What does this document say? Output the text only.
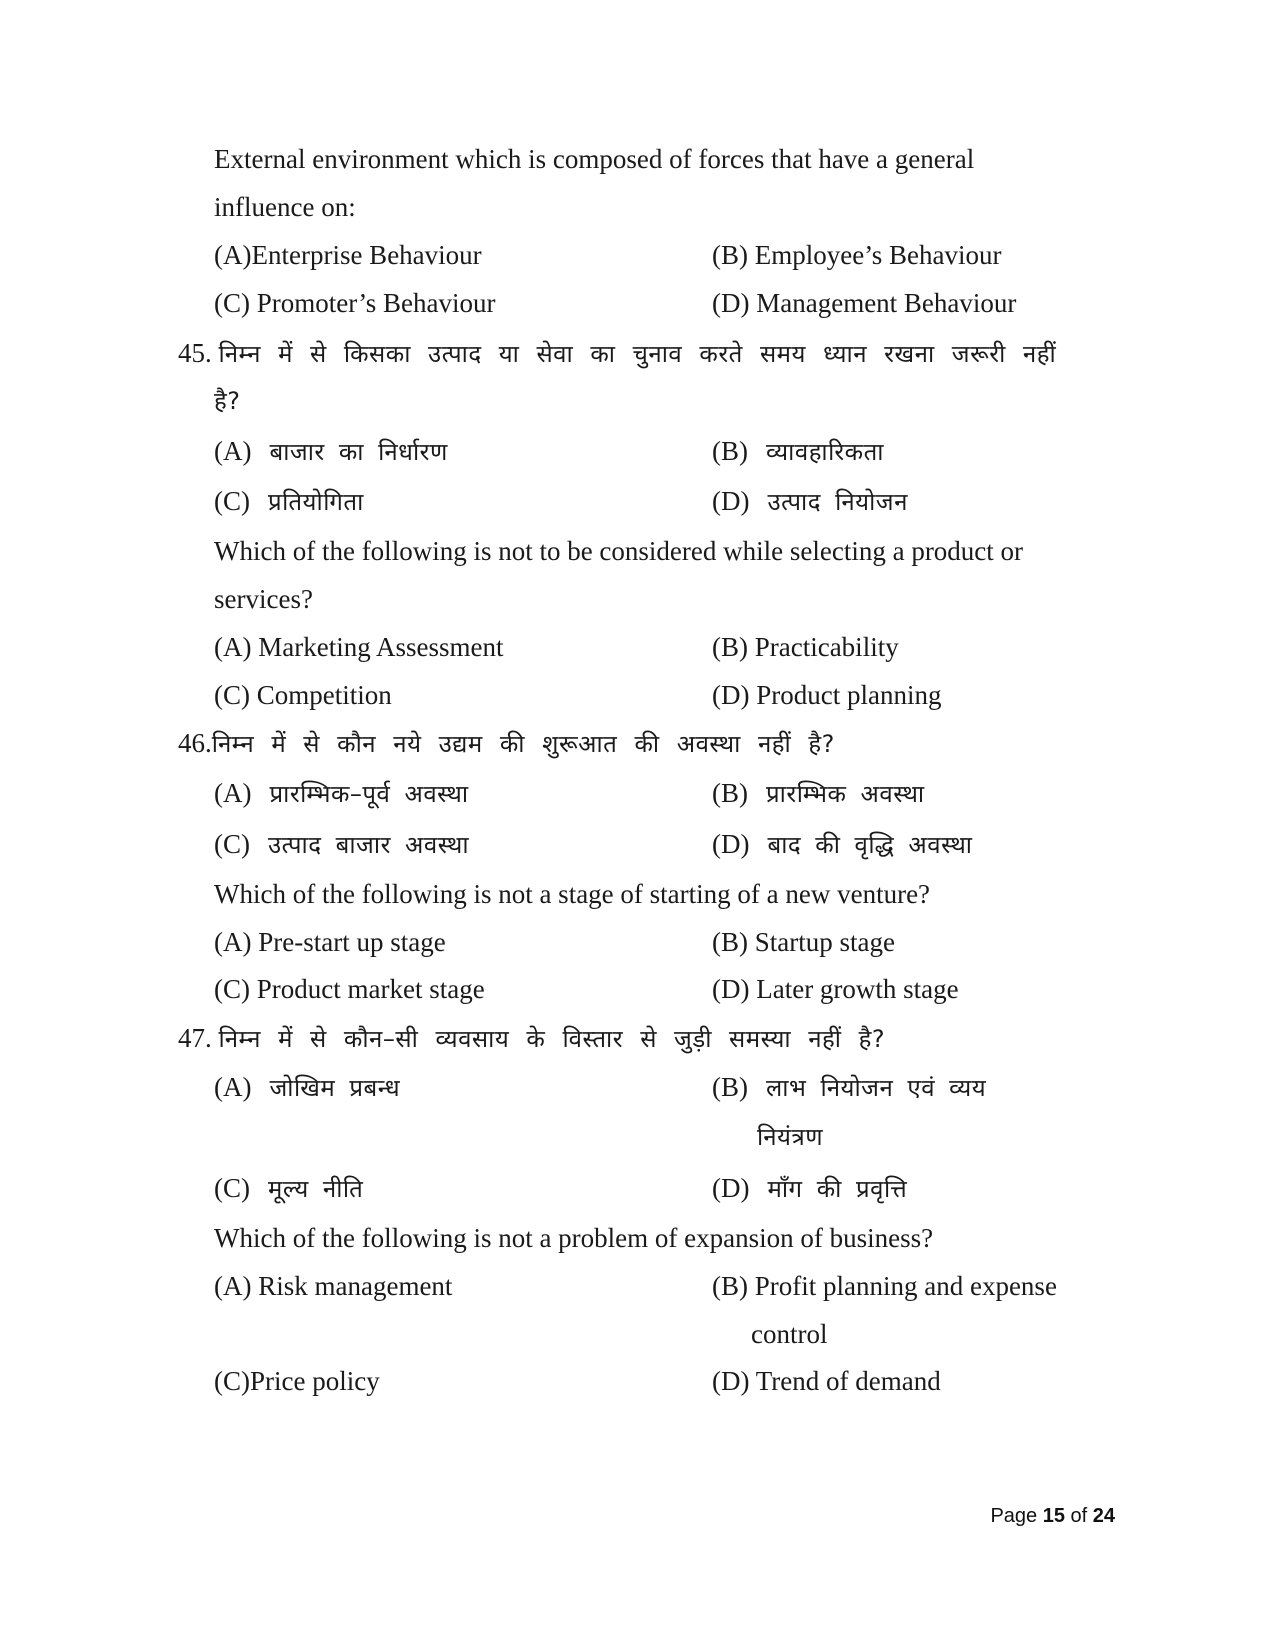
External environment which is composed of forces that have a general
influence on:
(A)Enterprise Behaviour	(B) Employee’s Behaviour
(C) Promoter’s Behaviour	(D) Management Behaviour
45. निम्न में से किसका उत्पाद या सेवा का चुनाव करते समय ध्यान रखना जरूरी नहीं
है?
(A) बाजार का निर्धारण	(B) व्यावहारिकता
(C) प्रतियोगिता	(D) उत्पाद नियोजन
Which of the following is not to be considered while selecting a product or
services?
(A) Marketing Assessment	(B) Practicability
(C) Competition	(D) Product planning
46.निम्न में से कौन नये उद्यम की शुरूआत की अवस्था नहीं है?
(A) प्रारम्भिक–पूर्व अवस्था	(B) प्रारम्भिक अवस्था
(C) उत्पाद बाजार अवस्था	(D) बाद की वृद्धि अवस्था
Which of the following is not a stage of starting of a new venture?
(A) Pre-start up stage	(B) Startup stage
(C) Product market stage	(D) Later growth stage
47. निम्न में से कौन–सी व्यवसाय के विस्तार से जुड़ी समस्या नहीं है?
(A) जोखिम प्रबन्ध	(B) लाभ नियोजन एवं व्यय
नियंत्रण
(C) मूल्य नीति	(D) माँग की प्रवृत्ति
Which of the following is not a problem of expansion of business?
(A) Risk management	(B) Profit planning and expense
control
(C)Price policy	(D) Trend of demand
Page 15 of 24
